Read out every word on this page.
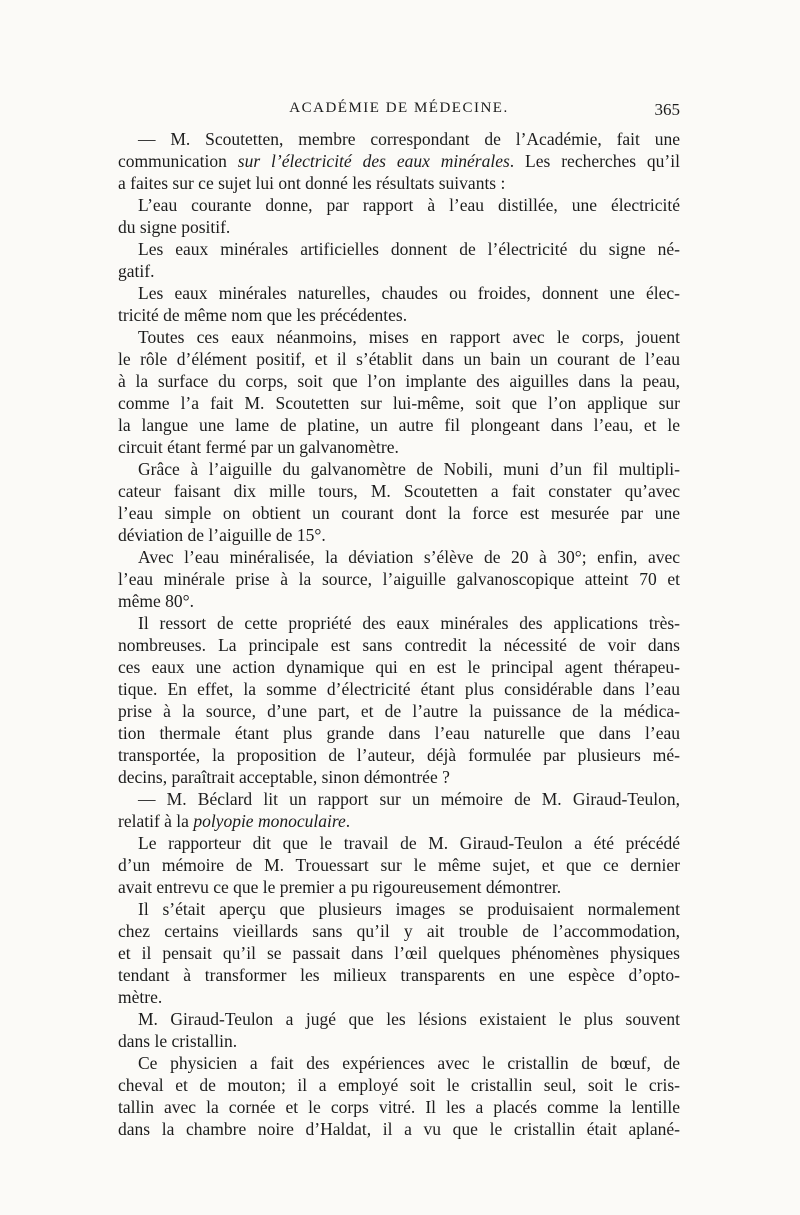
ACADÉMIE DE MÉDECINE.	365
— M. Scoutetten, membre correspondant de l’Académie, fait une
communication sur l’électricité des eaux minérales. Les recherches qu’il
a faites sur ce sujet lui ont donné les résultats suivants :
L’eau courante donne, par rapport à l’eau distillée, une électricité
du signe positif.
Les eaux minérales artificielles donnent de l’électricité du signe né-
gatif.
Les eaux minérales naturelles, chaudes ou froides, donnent une élec-
tricité de même nom que les précédentes.
Toutes ces eaux néanmoins, mises en rapport avec le corps, jouent
le rôle d’élément positif, et il s’établit dans un bain un courant de l’eau
à la surface du corps, soit que l’on implante des aiguilles dans la peau,
comme l’a fait M. Scoutetten sur lui-même, soit que l’on applique sur
la langue une lame de platine, un autre fil plongeant dans l’eau, et le
circuit étant fermé par un galvanomètre.
Grâce à l’aiguille du galvanomètre de Nobili, muni d’un fil multipli-
cateur faisant dix mille tours, M. Scoutetten a fait constater qu’avec
l’eau simple on obtient un courant dont la force est mesurée par une
déviation de l’aiguille de 15°.
Avec l’eau minéralisée, la déviation s’élève de 20 à 30°; enfin, avec
l’eau minérale prise à la source, l’aiguille galvanoscopique atteint 70 et
même 80°.
Il ressort de cette propriété des eaux minérales des applications très-
nombreuses. La principale est sans contredit la nécessité de voir dans
ces eaux une action dynamique qui en est le principal agent thérapeu-
tique. En effet, la somme d’électricité étant plus considérable dans l’eau
prise à la source, d’une part, et de l’autre la puissance de la médica-
tion thermale étant plus grande dans l’eau naturelle que dans l’eau
transportée, la proposition de l’auteur, déjà formulée par plusieurs mé-
decins, paraîtrait acceptable, sinon démontrée ?
— M. Béclard lit un rapport sur un mémoire de M. Giraud-Teulon,
relatif à la polyopie monoculaire.
Le rapporteur dit que le travail de M. Giraud-Teulon a été précédé
d’un mémoire de M. Trouessart sur le même sujet, et que ce dernier
avait entrevu ce que le premier a pu rigoureusement démontrer.
Il s’était aperçu que plusieurs images se produisaient normalement
chez certains vieillards sans qu’il y ait trouble de l’accommodation,
et il pensait qu’il se passait dans l’œil quelques phénomènes physiques
tendant à transformer les milieux transparents en une espèce d’opto-
mètre.
M. Giraud-Teulon a jugé que les lésions existaient le plus souvent
dans le cristallin.
Ce physicien a fait des expériences avec le cristallin de bœuf, de
cheval et de mouton; il a employé soit le cristallin seul, soit le cris-
tallin avec la cornée et le corps vitré. Il les a placés comme la lentille
dans la chambre noire d’Haldat, il a vu que le cristallin était aplané-
